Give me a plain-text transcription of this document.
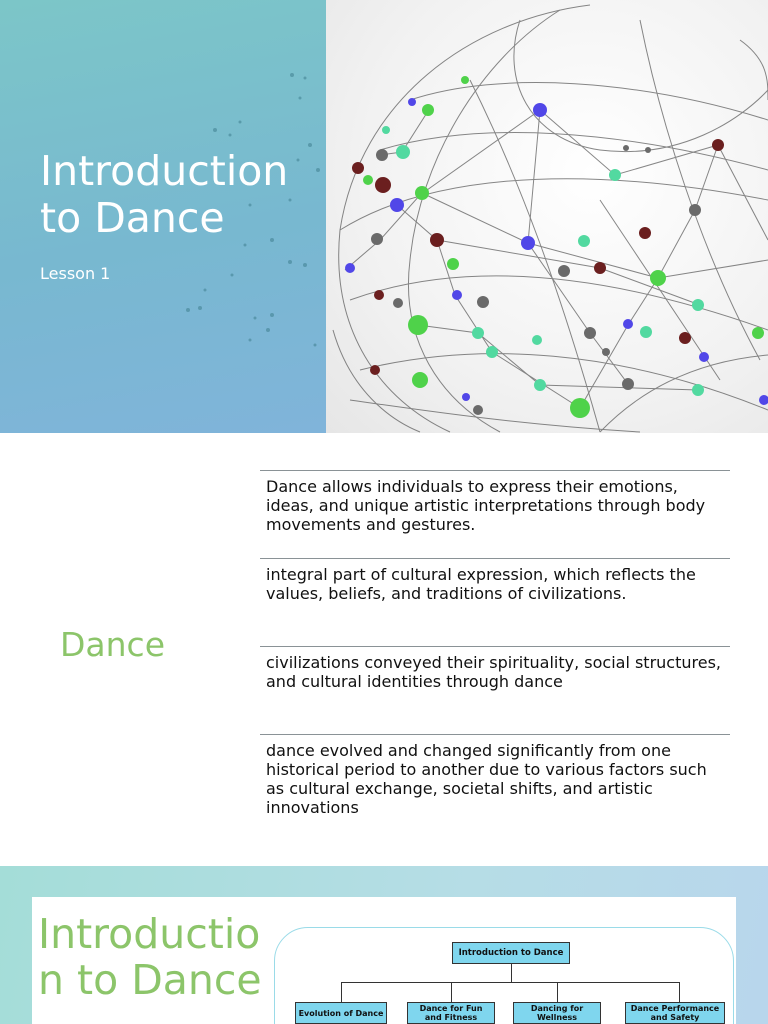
Introduction to Dance
Lesson 1
Dance
Dance allows individuals to express their emotions, ideas, and unique artistic interpretations through body movements and gestures.
integral part of cultural expression, which reflects the values, beliefs, and traditions of civilizations.
civilizations conveyed their spirituality, social structures, and cultural identities through dance
dance evolved and changed significantly from one historical period to another due to various factors such as cultural exchange, societal shifts, and artistic innovations
Introduction to Dance
Introduction to Dance
Evolution of Dance	Dance for Fun and Fitness
Dancing for Wellness
Dance Performance and Safety
